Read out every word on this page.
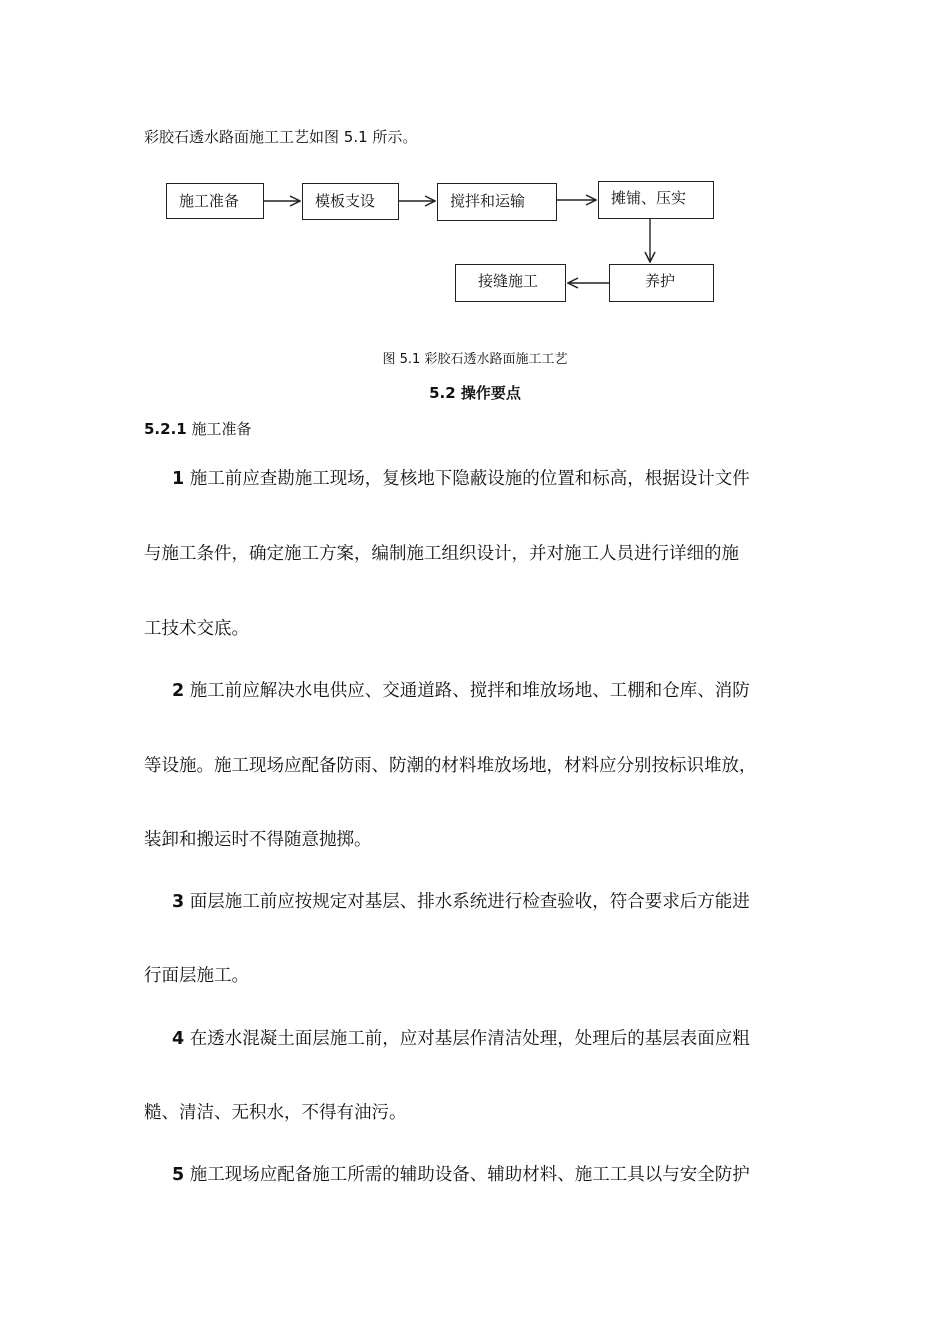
彩胶石透水路面施工工艺如图 5.1 所示。
施工准备	模板支设	搅拌和运输	摊铺、压实
养护
接缝施工
图 5.1 彩胶石透水路面施工工艺
5.2 操作要点
5.2.1 施工准备
1 施工前应查勘施工现场，复核地下隐蔽设施的位置和标高，根据设计文件
与施工条件，确定施工方案，编制施工组织设计，并对施工人员进行详细的施
工技术交底。
2 施工前应解决水电供应、交通道路、搅拌和堆放场地、工棚和仓库、消防
等设施。施工现场应配备防雨、防潮的材料堆放场地，材料应分别按标识堆放，
装卸和搬运时不得随意抛掷。
3 面层施工前应按规定对基层、排水系统进行检查验收，符合要求后方能进
行面层施工。
4 在透水混凝土面层施工前，应对基层作清洁处理，处理后的基层表面应粗
糙、清洁、无积水，不得有油污。
5 施工现场应配备施工所需的辅助设备、辅助材料、施工工具以与安全防护
